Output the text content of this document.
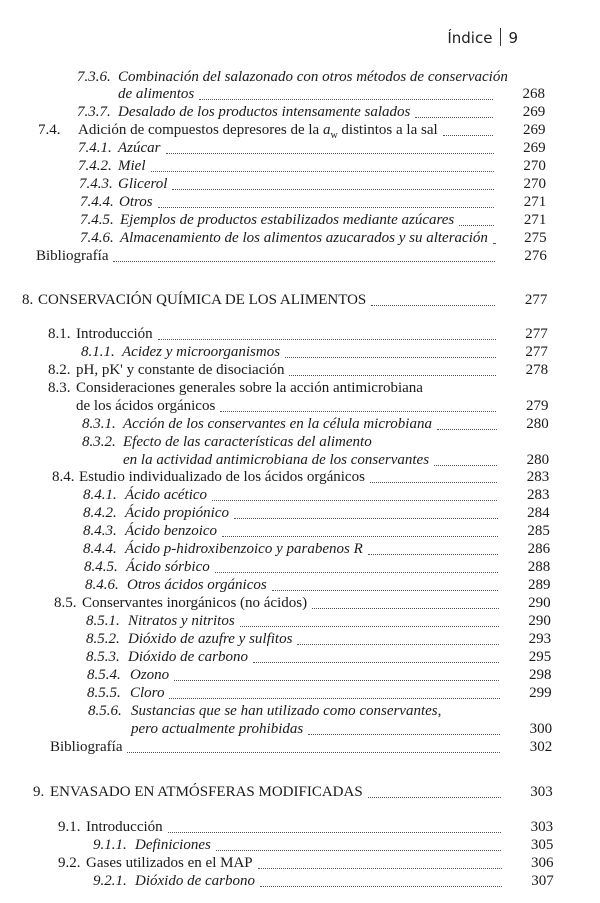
Índice 9
7.3.6. Combinación del salazonado con otros métodos de conservación
de alimentos	268
7.3.7. Desalado de los productos intensamente salados	269
7.4. Adición de compuestos depresores de la $a_w$ distintos a la sal	269
7.4.1. Azúcar	269
7.4.2. Miel	270
7.4.3. Glicerol	270
7.4.4. Otros	271
7.4.5. Ejemplos de productos estabilizados mediante azúcares	271
7.4.6. Almacenamiento de los alimentos azucarados y su alteración	275
Bibliografía	276
8. CONSERVACIÓN QUÍMICA DE LOS ALIMENTOS	277
8.1. Introducción	277
8.1.1. Acidez y microorganismos	277
8.2. pH, pK' y constante de disociación	278
8.3. Consideraciones generales sobre la acción antimicrobiana
de los ácidos orgánicos	279
8.3.1. Acción de los conservantes en la célula microbiana	280
8.3.2. Efecto de las características del alimento
en la actividad antimicrobiana de los conservantes	280
8.4. Estudio individualizado de los ácidos orgánicos	283
8.4.1. Ácido acético	283
8.4.2. Ácido propiónico	284
8.4.3. Ácido benzoico	285
8.4.4. Ácido p-hidroxibenzoico y parabenos R	286
8.4.5. Ácido sórbico	288
8.4.6. Otros ácidos orgánicos	289
8.5. Conservantes inorgánicos (no ácidos)	290
8.5.1. Nitratos y nitritos	290
8.5.2. Dióxido de azufre y sulfitos	293
8.5.3. Dióxido de carbono	295
8.5.4. Ozono	298
8.5.5. Cloro	299
8.5.6. Sustancias que se han utilizado como conservantes,
pero actualmente prohibidas	300
Bibliografía	302
9. ENVASADO EN ATMÓSFERAS MODIFICADAS	303
9.1. Introducción	303
9.1.1. Definiciones	305
9.2. Gases utilizados en el MAP	306
9.2.1. Dióxido de carbono	307
